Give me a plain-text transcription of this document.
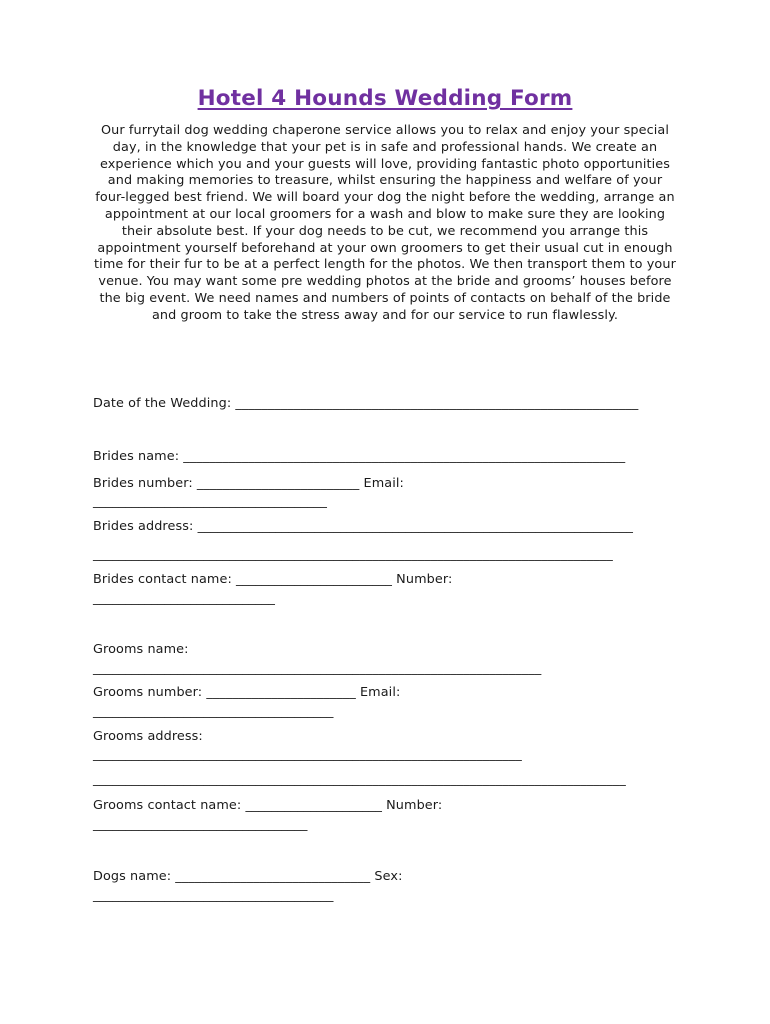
Hotel 4 Hounds Wedding Form
Our furrytail dog wedding chaperone service allows you to relax and enjoy your special day, in the knowledge that your pet is in safe and professional hands. We create an experience which you and your guests will love, providing fantastic photo opportunities and making memories to treasure, whilst ensuring the happiness and welfare of your four-legged best friend. We will board your dog the night before the wedding, arrange an appointment at our local groomers for a wash and blow to make sure they are looking their absolute best. If your dog needs to be cut, we recommend you arrange this appointment yourself beforehand at your own groomers to get their usual cut in enough time for their fur to be at a perfect length for the photos. We then transport them to your venue. You may want some pre wedding photos at the bride and grooms’ houses before the big event. We need names and numbers of points of contacts on behalf of the bride and groom to take the stress away and for our service to run flawlessly.
Date of the Wedding: ______________________________________________________________
Brides name: ____________________________________________________________________
Brides number: _________________________ Email:
____________________________________
Brides address: ___________________________________________________________________
________________________________________________________________________________
Brides contact name: ________________________ Number:
____________________________
Grooms name:
_____________________________________________________________________
Grooms number: _______________________ Email:
_____________________________________
Grooms address:
__________________________________________________________________
__________________________________________________________________________________
Grooms contact name: _____________________ Number:
_________________________________
Dogs name: ______________________________ Sex:
_____________________________________
